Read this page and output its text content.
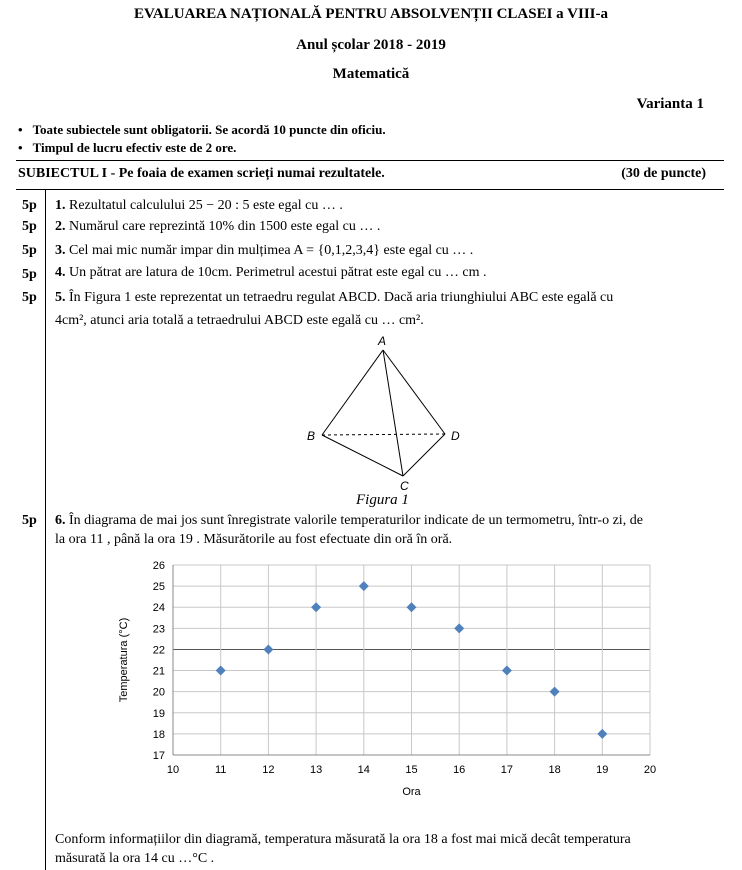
EVALUAREA NAȚIONALĂ PENTRU ABSOLVENȚII CLASEI a VIII-a
Anul școlar 2018 - 2019
Matematică
Varianta 1
• Toate subiectele sunt obligatorii. Se acordă 10 puncte din oficiu.
• Timpul de lucru efectiv este de 2 ore.
SUBIECTUL I - Pe foaia de examen scrieți numai rezultatele.	(30 de puncte)
5p 1. Rezultatul calculului 25 − 20 : 5 este egal cu … .
5p 2. Numărul care reprezintă 10% din 1500 este egal cu … .
5p 3. Cel mai mic număr impar din mulțimea A = {0,1,2,3,4} este egal cu … .
5p 4. Un pătrat are latura de 10cm. Perimetrul acestui pătrat este egal cu … cm .
5p 5. În Figura 1 este reprezentat un tetraedru regulat ABCD. Dacă aria triunghiului ABC este egală cu
4cm², atunci aria totală a tetraedrului ABCD este egală cu … cm².
A
B
C
D
Figura 1
5p 6. În diagrama de mai jos sunt înregistrate valorile temperaturilor indicate de un termometru, într-o zi, de
la ora 11 , până la ora 19 . Măsurătorile au fost efectuate din oră în oră.
17
18
19
20
21
22
23
24
25
26
10	11	12	13	14	15	16	17	18	19	20
Ora
Temperatura (°C)
Conform informațiilor din diagramă, temperatura măsurată la ora 18 a fost mai mică decât temperatura
măsurată la ora 14 cu …°C .
